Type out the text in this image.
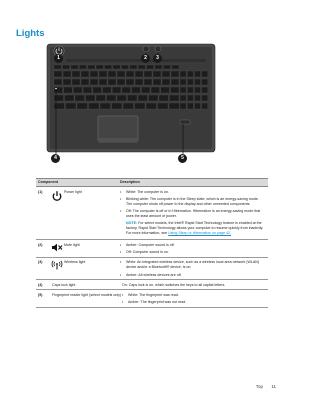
Lights
1	2	3
4	5
Component	Description
(1)	Power light	•	White: The computer is on.
•	Blinking white: The computer is in the Sleep state, which is an energy-saving mode. The computer shuts off power to the display and other unneeded components.
•	Off: The computer is off or in Hibernation. Hibernation is an energy-saving mode that uses the least amount of power.
NOTE: For select models, the Intel® Rapid Start Technology feature is enabled at the factory. Rapid Start Technology allows your computer to resume quickly from inactivity. For more information, see Using Sleep or Hibernation on page 42.
(2)	Mute light	•	Amber: Computer sound is off.
•	Off: Computer sound is on.
(3)	Wireless light	•	White: An integrated wireless device, such as a wireless local area network (WLAN) device and/or a Bluetooth® device, is on.
•	Amber: All wireless devices are off.
(4)	Caps lock light	On: Caps lock is on, which switches the keys to all capital letters.
(5)	Fingerprint reader light (select models only) •	White: The fingerprint was read.
•	Amber: The fingerprint was not read.
Top 11
